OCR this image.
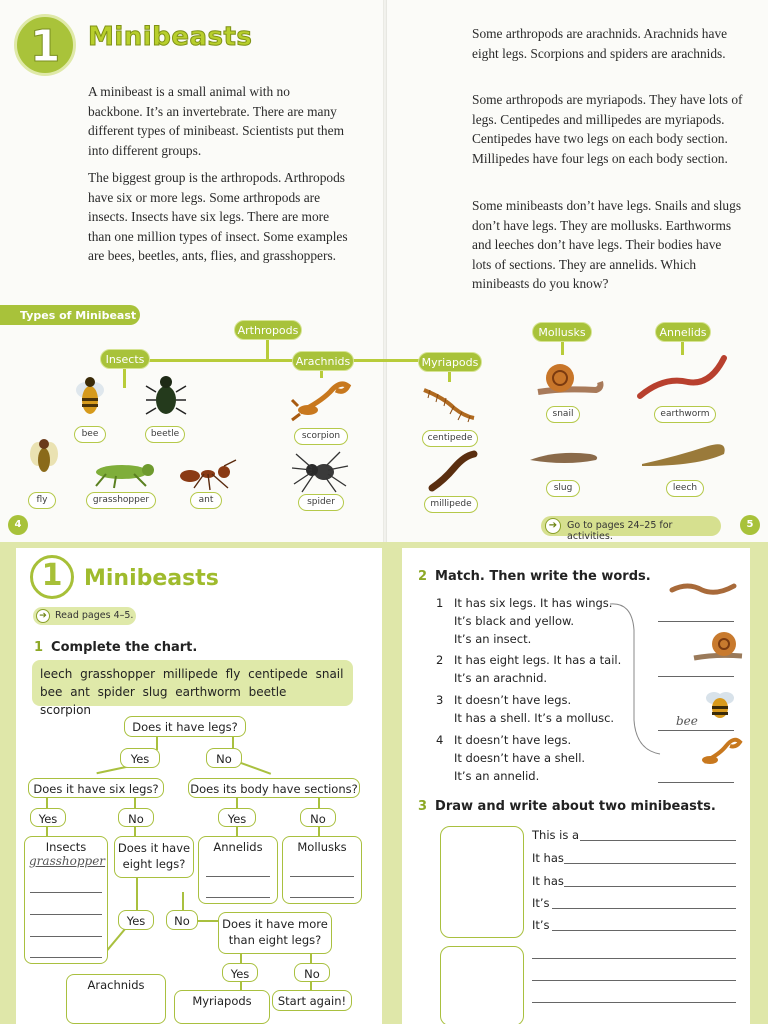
1	Minibeasts
A minibeast is a small animal with no backbone. It’s an invertebrate. There are many different types of minibeast. Scientists put them into different groups.
The biggest group is the arthropods. Arthropods have six or more legs. Some arthropods are insects. Insects have six legs. There are more than one million types of insect. Some examples are bees, beetles, ants, flies, and grasshoppers.
Some arthropods are arachnids. Arachnids have eight legs. Scorpions and spiders are arachnids.
Some arthropods are myriapods. They have lots of legs. Centipedes and millipedes are myriapods. Centipedes have two legs on each body section. Millipedes have four legs on each body section.
Some minibeasts don’t have legs. Snails and slugs don’t have legs. They are mollusks. Earthworms and leeches don’t have legs. Their bodies have lots of sections. They are annelids. Which minibeasts do you know?
Types of Minibeast
Arthropods
Insects	Arachnids	Myriapods
Mollusks	Annelids
bee	beetle
fly	grasshopper	ant
scorpion
spider
centipede
millipede
snail
slug
earthworm
leech
4	➔	Go to pages 24–25 for activities.
5
1 Minibeasts
➔ Read pages 4–5.
1 Complete the chart.
leech grasshopper millipede fly centipede snail
bee ant spider slug earthworm beetle scorpion
Does it have legs?
Yes	No
Does it have six legs?	Does its body have sections?
Yes	No	Yes	No
Insects
grasshopper
Does it have
eight legs?
Annelids	Mollusks
Yes	No	Does it have more
than eight legs?
Yes	No
Arachnids
Myriapods	Start again!
2 Match. Then write the words.
1 It has six legs. It has wings.
It’s black and yellow.
It’s an insect.
2 It has eight legs. It has a tail.
It’s an arachnid.
3 It doesn’t have legs.
It has a shell. It’s a mollusc.
4 It doesn’t have legs.
It doesn’t have a shell.
It’s an annelid.
bee
3 Draw and write about two minibeasts.
This is a
It has
It has
It’s
It’s
